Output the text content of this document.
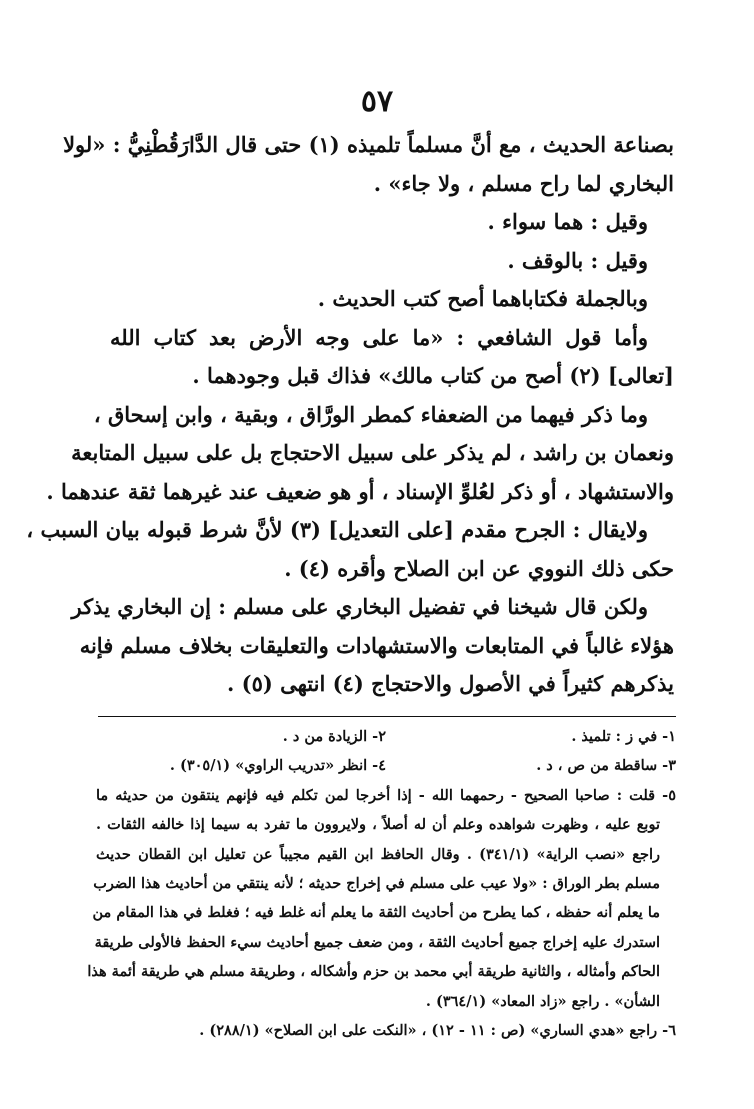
٥٧
بصناعة الحديث ، مع أنَّ مسلماً تلميذه (١) حتى قال الدَّارَقُطْنِيُّ : «لولا
البخاري لما راح مسلم ، ولا جاء» .
وقيل : هما سواء .
وقيل : بالوقف .
وبالجملة فكتاباهما أصح كتب الحديث .
وأما قول الشافعي : «ما على وجه الأرض بعد كتاب الله
[تعالى] (٢) أصح من كتاب مالك» فذاك قبل وجودهما .
وما ذكر فيهما من الضعفاء كمطر الورَّاق ، وبقية ، وابن إسحاق ،
ونعمان بن راشد ، لم يذكر على سبيل الاحتجاج بل على سبيل المتابعة
والاستشهاد ، أو ذكر لعُلوِّ الإسناد ، أو هو ضعيف عند غيرهما ثقة عندهما .
ولايقال : الجرح مقدم [على التعديل] (٣) لأنَّ شرط قبوله بيان السبب ،
حكى ذلك النووي عن ابن الصلاح وأقره (٤) .
ولكن قال شيخنا في تفضيل البخاري على مسلم : إن البخاري يذكر
هؤلاء غالباً في المتابعات والاستشهادات والتعليقات بخلاف مسلم فإنه
يذكرهم كثيراً في الأصول والاحتجاج (٤) انتهى (٥) .
١- في ز : تلميذ .
٢- الزيادة من د .
٣- ساقطة من ص ، د .
٤- انظر «تدريب الراوي» (٣٠٥/١) .
٥- قلت : صاحبا الصحيح - رحمهما الله - إذا أخرجا لمن تكلم فيه فإنهم ينتقون من حديثه ما
توبع عليه ، وظهرت شواهده وعلم أن له أصلاً ، ولايروون ما تفرد به سيما إذا خالفه الثقات .
راجع «نصب الراية» (٣٤١/١) . وقال الحافظ ابن القيم مجيباً عن تعليل ابن القطان حديث
مسلم بطر الوراق : «ولا عيب على مسلم في إخراج حديثه ؛ لأنه ينتقي من أحاديث هذا الضرب
ما يعلم أنه حفظه ، كما يطرح من أحاديث الثقة ما يعلم أنه غلط فيه ؛ فغلط في هذا المقام من
استدرك عليه إخراج جميع أحاديث الثقة ، ومن ضعف جميع أحاديث سيء الحفظ فالأولى طريقة
الحاكم وأمثاله ، والثانية طريقة أبي محمد بن حزم وأشكاله ، وطريقة مسلم هي طريقة أئمة هذا
الشأن» . راجع «زاد المعاد» (٣٦٤/١) .
٦- راجع «هدي الساري» (ص : ١١ - ١٢) ، «النكت على ابن الصلاح» (٢٨٨/١) .
